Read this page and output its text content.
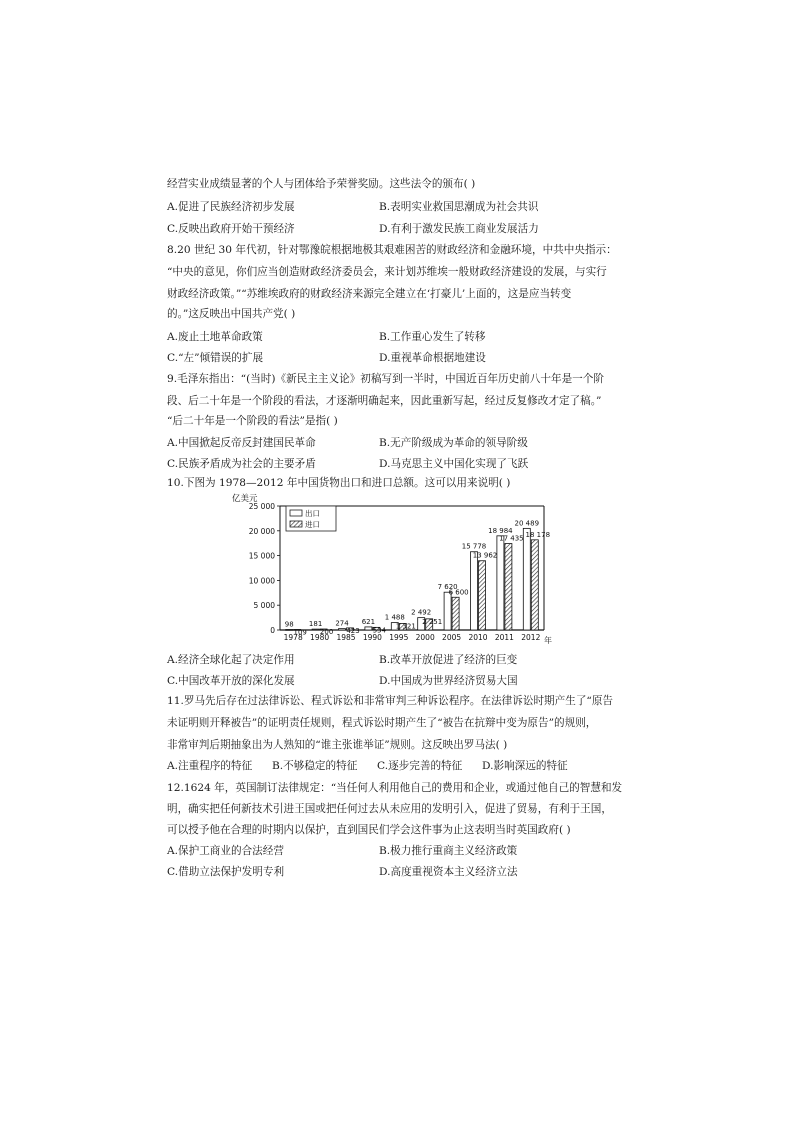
经营实业成绩显著的个人与团体给予荣誉奖励。这些法令的颁布( )
A.促进了民族经济初步发展	B.表明实业救国思潮成为社会共识
C.反映出政府开始干预经济	D.有利于激发民族工商业发展活力
8.20 世纪 30 年代初，针对鄂豫皖根据地极其艰难困苦的财政经济和金融环境，中共中央指示：
“中央的意见，你们应当创造财政经济委员会，来计划苏维埃一般财政经济建设的发展，与实行
财政经济政策。”“苏维埃政府的财政经济来源完全建立在‘打豪儿’上面的，这是应当转变
的。”这反映出中国共产党( )
A.废止土地革命政策	B.工作重心发生了转移
C.“左”倾错误的扩展	D.重视革命根据地建设
9.毛泽东指出：“(当时)《新民主主义论》初稿写到一半时，中国近百年历史前八十年是一个阶
段、后二十年是一个阶段的看法，才逐渐明确起来，因此重新写起，经过反复修改才定了稿。”
“后二十年是一个阶段的看法”是指( )
A.中国掀起反帝反封建国民革命	B.无产阶级成为革命的领导阶级
C.民族矛盾成为社会的主要矛盾	D.马克思主义中国化实现了飞跃
10.下图为 1978—2012 年中国货物出口和进口总额。这可以用来说明( )
亿美元
0
5 000
10 000
15 000
20 000
25 000
98
109
181
200
274
423
621
534
1 488
1 321
2 492
2 251
7 620
6 600
15 778
13 962
18 984
17 435
20 489
18 178
1978 1980 1985 1990 1995 2000 2005 2010 2011 2012 年
出口
进口
A.经济全球化起了决定作用	B.改革开放促进了经济的巨变
C.中国改革开放的深化发展	D.中国成为世界经济贸易大国
11.罗马先后存在过法律诉讼、程式诉讼和非常审判三种诉讼程序。在法律诉讼时期产生了“原告
未证明则开释被告”的证明责任规则，程式诉讼时期产生了“被告在抗辩中变为原告”的规则，
非常审判后期抽象出为人熟知的“谁主张谁举证”规则。这反映出罗马法( )
A.注重程序的特征 B.不够稳定的特征 C.逐步完善的特征 D.影响深远的特征
12.1624 年，英国制订法律规定：“当任何人利用他自己的费用和企业，或通过他自己的智慧和发
明，确实把任何新技术引进王国或把任何过去从未应用的发明引入，促进了贸易，有利于王国，
可以授予他在合理的时期内以保护，直到国民们学会这件事为止这表明当时英国政府( )
A.保护工商业的合法经营	B.极力推行重商主义经济政策
C.借助立法保护发明专利	D.高度重视资本主义经济立法
